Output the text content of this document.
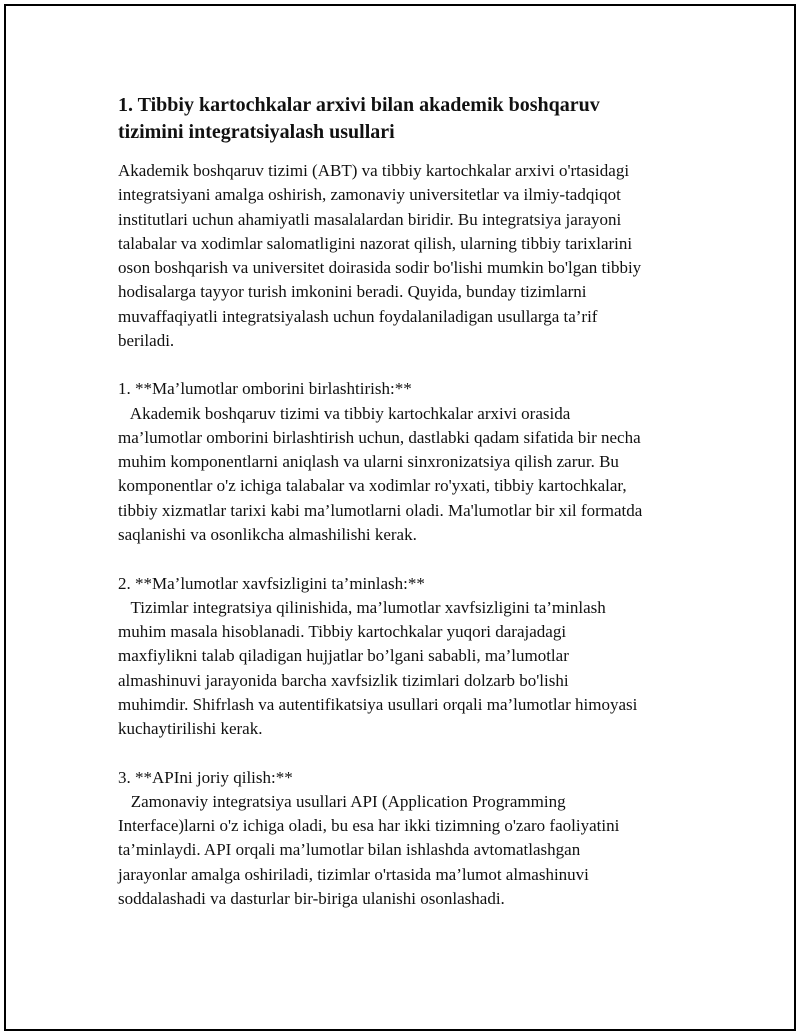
1. Tibbiy kartochkalar arxivi bilan akademik boshqaruv
tizimini integratsiyalash usullari
Akademik boshqaruv tizimi (ABT) va tibbiy kartochkalar arxivi o'rtasidagi
integratsiyani amalga oshirish, zamonaviy universitetlar va ilmiy-tadqiqot
institutlari uchun ahamiyatli masalalardan biridir. Bu integratsiya jarayoni
talabalar va xodimlar salomatligini nazorat qilish, ularning tibbiy tarixlarini
oson boshqarish va universitet doirasida sodir bo'lishi mumkin bo'lgan tibbiy
hodisalarga tayyor turish imkonini beradi. Quyida, bunday tizimlarni
muvaffaqiyatli integratsiyalash uchun foydalaniladigan usullarga ta’rif
beriladi.
1. **Ma’lumotlar omborini birlashtirish:**
Akademik boshqaruv tizimi va tibbiy kartochkalar arxivi orasida
ma’lumotlar omborini birlashtirish uchun, dastlabki qadam sifatida bir necha
muhim komponentlarni aniqlash va ularni sinxronizatsiya qilish zarur. Bu
komponentlar o'z ichiga talabalar va xodimlar ro'yxati, tibbiy kartochkalar,
tibbiy xizmatlar tarixi kabi ma’lumotlarni oladi. Ma'lumotlar bir xil formatda
saqlanishi va osonlikcha almashilishi kerak.
2. **Ma’lumotlar xavfsizligini ta’minlash:**
Tizimlar integratsiya qilinishida, ma’lumotlar xavfsizligini ta’minlash
muhim masala hisoblanadi. Tibbiy kartochkalar yuqori darajadagi
maxfiylikni talab qiladigan hujjatlar bo’lgani sababli, ma’lumotlar
almashinuvi jarayonida barcha xavfsizlik tizimlari dolzarb bo'lishi
muhimdir. Shifrlash va autentifikatsiya usullari orqali ma’lumotlar himoyasi
kuchaytirilishi kerak.
3. **APIni joriy qilish:**
Zamonaviy integratsiya usullari API (Application Programming
Interface)larni o'z ichiga oladi, bu esa har ikki tizimning o'zaro faoliyatini
ta’minlaydi. API orqali ma’lumotlar bilan ishlashda avtomatlashgan
jarayonlar amalga oshiriladi, tizimlar o'rtasida ma’lumot almashinuvi
soddalashadi va dasturlar bir-biriga ulanishi osonlashadi.
